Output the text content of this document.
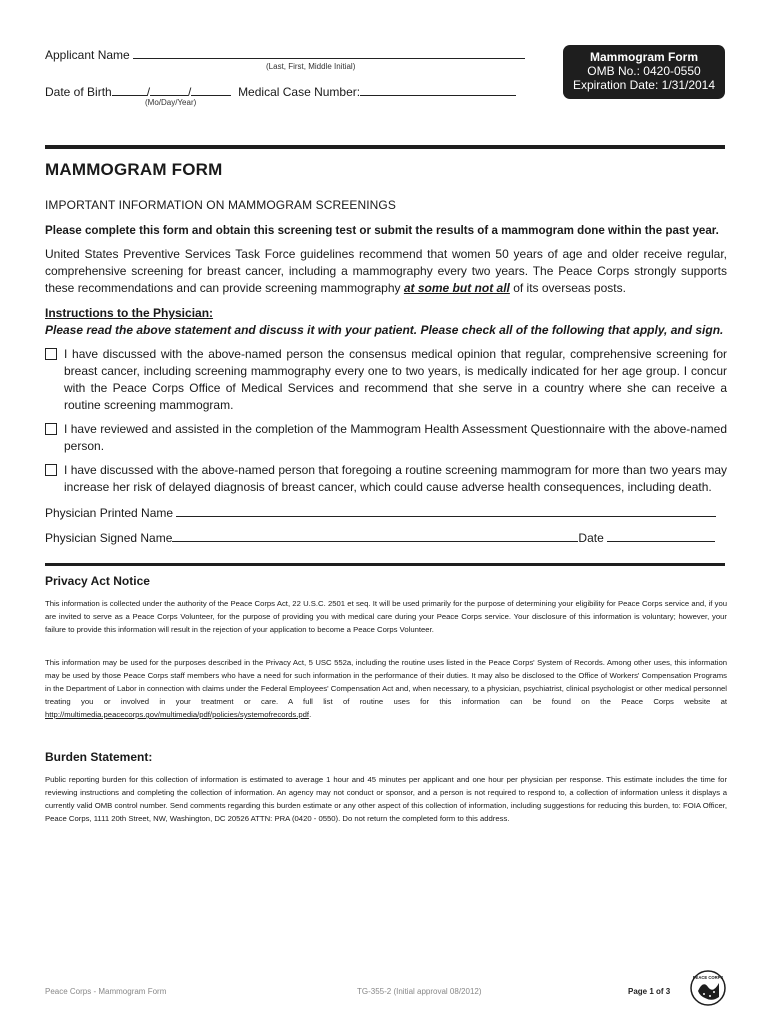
Applicant Name
(Last, First, Middle Initial)
Date of Birth	/	/	Medical Case Number:
(Mo/Day/Year)
Mammogram Form
OMB No.: 0420-0550
Expiration Date: 1/31/2014
MAMMOGRAM FORM
IMPORTANT INFORMATION ON MAMMOGRAM SCREENINGS
Please complete this form and obtain this screening test or submit the results of a mammogram done within the past year.
United States Preventive Services Task Force guidelines recommend that women 50 years of age and older receive regular, comprehensive screening for breast cancer, including a mammography every two years. The Peace Corps strongly supports these recommendations and can provide screening mammography at some but not all of its overseas posts.
Instructions to the Physician:
Please read the above statement and discuss it with your patient. Please check all of the following that apply, and sign.
I have discussed with the above-named person the consensus medical opinion that regular, comprehensive screening for breast cancer, including screening mammography every one to two years, is medically indicated for her age group. I concur with the Peace Corps Office of Medical Services and recommend that she serve in a country where she can receive a routine screening mammogram.
I have reviewed and assisted in the completion of the Mammogram Health Assessment Questionnaire with the above-named person.
I have discussed with the above-named person that foregoing a routine screening mammogram for more than two years may increase her risk of delayed diagnosis of breast cancer, which could cause adverse health consequences, including death.
Physician Printed Name
Physician Signed Name	Date
Privacy Act Notice
This information is collected under the authority of the Peace Corps Act, 22 U.S.C. 2501 et seq. It will be used primarily for the purpose of determining your eligibility for Peace Corps service and, if you are invited to serve as a Peace Corps Volunteer, for the purpose of providing you with medical care during your Peace Corps service. Your disclosure of this information is voluntary; however, your failure to provide this information will result in the rejection of your application to become a Peace Corps Volunteer.
This information may be used for the purposes described in the Privacy Act, 5 USC 552a, including the routine uses listed in the Peace Corps' System of Records. Among other uses, this information may be used by those Peace Corps staff members who have a need for such information in the performance of their duties. It may also be disclosed to the Office of Workers' Compensation Programs in the Department of Labor in connection with claims under the Federal Employees' Compensation Act and, when necessary, to a physician, psychiatrist, clinical psychologist or other medical personnel treating you or involved in your treatment or care. A full list of routine uses for this information can be found on the Peace Corps website at http://multimedia.peacecorps.gov/multimedia/pdf/policies/systemofrecords.pdf.
Burden Statement:
Public reporting burden for this collection of information is estimated to average 1 hour and 45 minutes per applicant and one hour per physician per response. This estimate includes the time for reviewing instructions and completing the collection of information. An agency may not conduct or sponsor, and a person is not required to respond to, a collection of information unless it displays a currently valid OMB control number. Send comments regarding this burden estimate or any other aspect of this collection of information, including suggestions for reducing this burden, to: FOIA Officer, Peace Corps, 1111 20th Street, NW, Washington, DC 20526 ATTN: PRA (0420 - 0550). Do not return the completed form to this address.
Peace Corps - Mammogram Form	TG-355-2 (Initial approval 08/2012)	Page 1 of 3
PEACE CORPS
